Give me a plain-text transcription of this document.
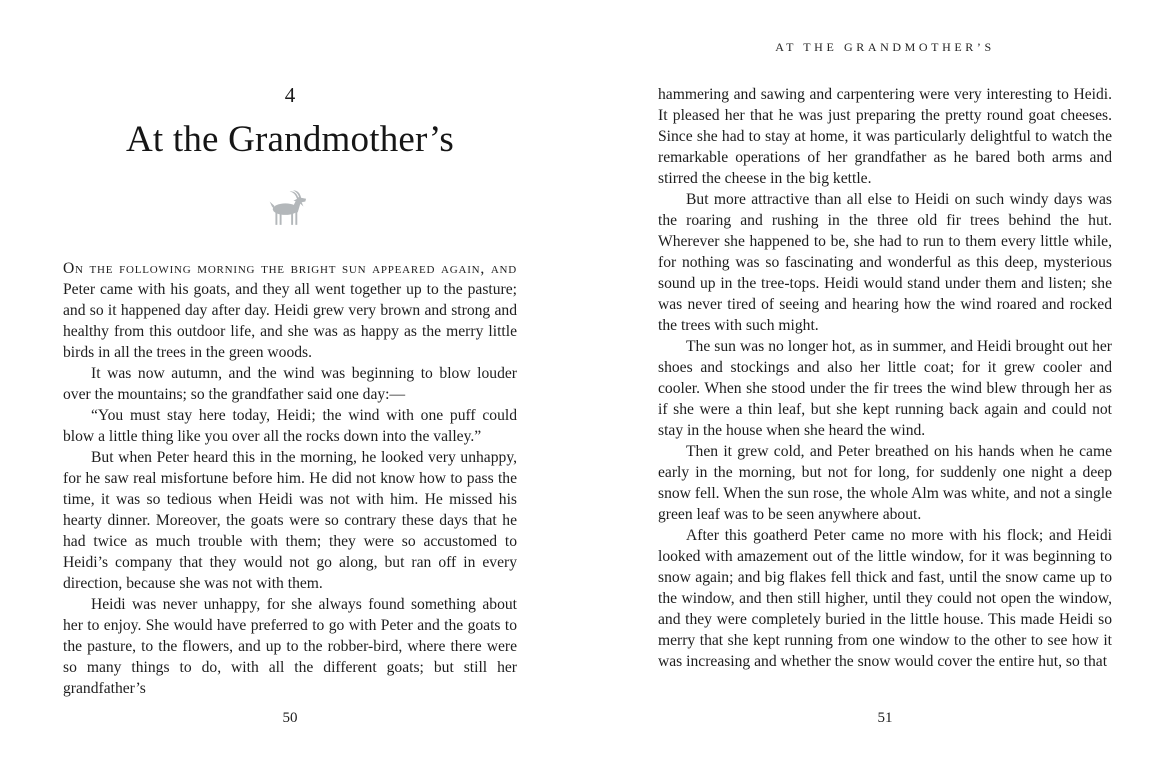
4
At the Grandmother’s

On the following morning the bright sun appeared again, and Peter came with his goats, and they all went together up to the pasture; and so it happened day after day. Heidi grew very brown and strong and healthy from this outdoor life, and she was as happy as the merry little birds in all the trees in the green woods.

It was now autumn, and the wind was beginning to blow louder over the mountains; so the grandfather said one day:—

“You must stay here today, Heidi; the wind with one puff could blow a little thing like you over all the rocks down into the valley.”

But when Peter heard this in the morning, he looked very unhappy, for he saw real misfortune before him. He did not know how to pass the time, it was so tedious when Heidi was not with him. He missed his hearty dinner. Moreover, the goats were so contrary these days that he had twice as much trouble with them; they were so accustomed to Heidi’s company that they would not go along, but ran off in every direction, because she was not with them.

Heidi was never unhappy, for she always found something about her to enjoy. She would have preferred to go with Peter and the goats to the pasture, to the flowers, and up to the robber-bird, where there were so many things to do, with all the different goats; but still her grandfather’s

50
AT THE GRANDMOTHER’S

hammering and sawing and carpentering were very interesting to Heidi. It pleased her that he was just preparing the pretty round goat cheeses. Since she had to stay at home, it was particularly delightful to watch the remarkable operations of her grandfather as he bared both arms and stirred the cheese in the big kettle.

But more attractive than all else to Heidi on such windy days was the roaring and rushing in the three old fir trees behind the hut. Wherever she happened to be, she had to run to them every little while, for nothing was so fascinating and wonderful as this deep, mysterious sound up in the tree-tops. Heidi would stand under them and listen; she was never tired of seeing and hearing how the wind roared and rocked the trees with such might.

The sun was no longer hot, as in summer, and Heidi brought out her shoes and stockings and also her little coat; for it grew cooler and cooler. When she stood under the fir trees the wind blew through her as if she were a thin leaf, but she kept running back again and could not stay in the house when she heard the wind.

Then it grew cold, and Peter breathed on his hands when he came early in the morning, but not for long, for suddenly one night a deep snow fell. When the sun rose, the whole Alm was white, and not a single green leaf was to be seen anywhere about.

After this goatherd Peter came no more with his flock; and Heidi looked with amazement out of the little window, for it was beginning to snow again; and big flakes fell thick and fast, until the snow came up to the window, and then still higher, until they could not open the window, and they were completely buried in the little house. This made Heidi so merry that she kept running from one window to the other to see how it was increasing and whether the snow would cover the entire hut, so that

51
